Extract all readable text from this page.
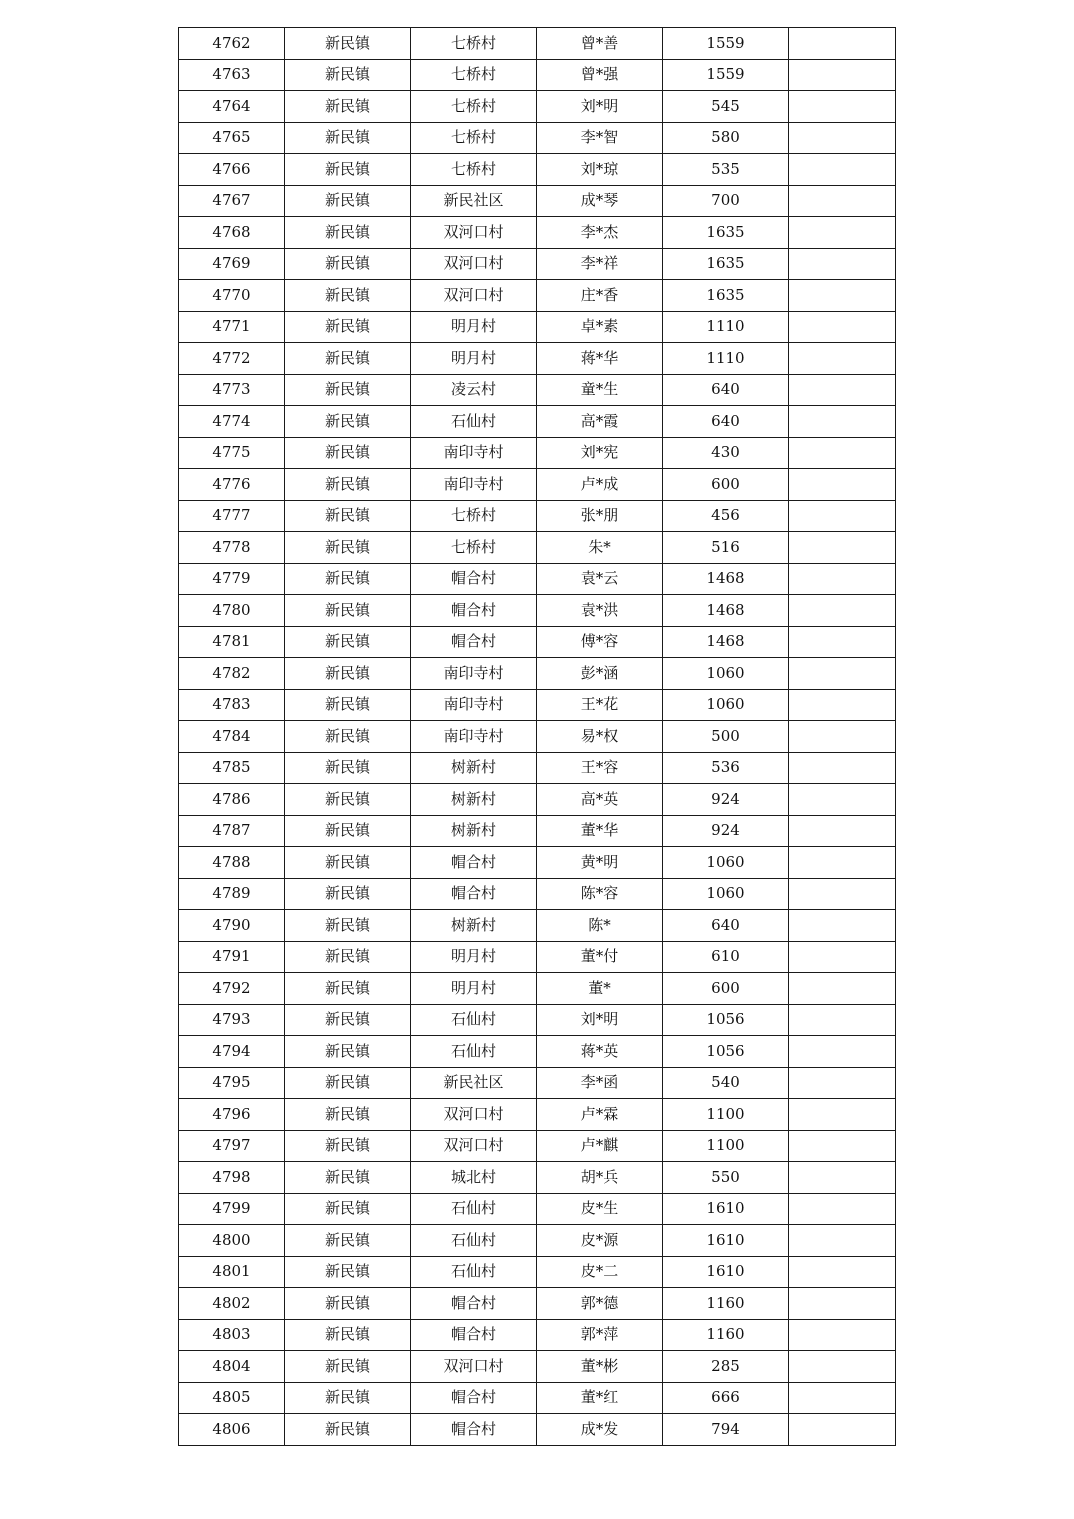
4762	新民镇	七桥村	曾*善	1559	
4763	新民镇	七桥村	曾*强	1559	
4764	新民镇	七桥村	刘*明	545	
4765	新民镇	七桥村	李*智	580	
4766	新民镇	七桥村	刘*琼	535	
4767	新民镇	新民社区	成*琴	700	
4768	新民镇	双河口村	李*杰	1635	
4769	新民镇	双河口村	李*祥	1635	
4770	新民镇	双河口村	庄*香	1635	
4771	新民镇	明月村	卓*素	1110	
4772	新民镇	明月村	蒋*华	1110	
4773	新民镇	凌云村	童*生	640	
4774	新民镇	石仙村	高*霞	640	
4775	新民镇	南印寺村	刘*宪	430	
4776	新民镇	南印寺村	卢*成	600	
4777	新民镇	七桥村	张*朋	456	
4778	新民镇	七桥村	朱*	516	
4779	新民镇	帽合村	袁*云	1468	
4780	新民镇	帽合村	袁*洪	1468	
4781	新民镇	帽合村	傅*容	1468	
4782	新民镇	南印寺村	彭*涵	1060	
4783	新民镇	南印寺村	王*花	1060	
4784	新民镇	南印寺村	易*权	500	
4785	新民镇	树新村	王*容	536	
4786	新民镇	树新村	高*英	924	
4787	新民镇	树新村	董*华	924	
4788	新民镇	帽合村	黄*明	1060	
4789	新民镇	帽合村	陈*容	1060	
4790	新民镇	树新村	陈*	640	
4791	新民镇	明月村	董*付	610	
4792	新民镇	明月村	董*	600	
4793	新民镇	石仙村	刘*明	1056	
4794	新民镇	石仙村	蒋*英	1056	
4795	新民镇	新民社区	李*函	540	
4796	新民镇	双河口村	卢*霖	1100	
4797	新民镇	双河口村	卢*麒	1100	
4798	新民镇	城北村	胡*兵	550	
4799	新民镇	石仙村	皮*生	1610	
4800	新民镇	石仙村	皮*源	1610	
4801	新民镇	石仙村	皮*二	1610	
4802	新民镇	帽合村	郭*德	1160	
4803	新民镇	帽合村	郭*萍	1160	
4804	新民镇	双河口村	董*彬	285	
4805	新民镇	帽合村	董*红	666	
4806	新民镇	帽合村	成*发	794	
